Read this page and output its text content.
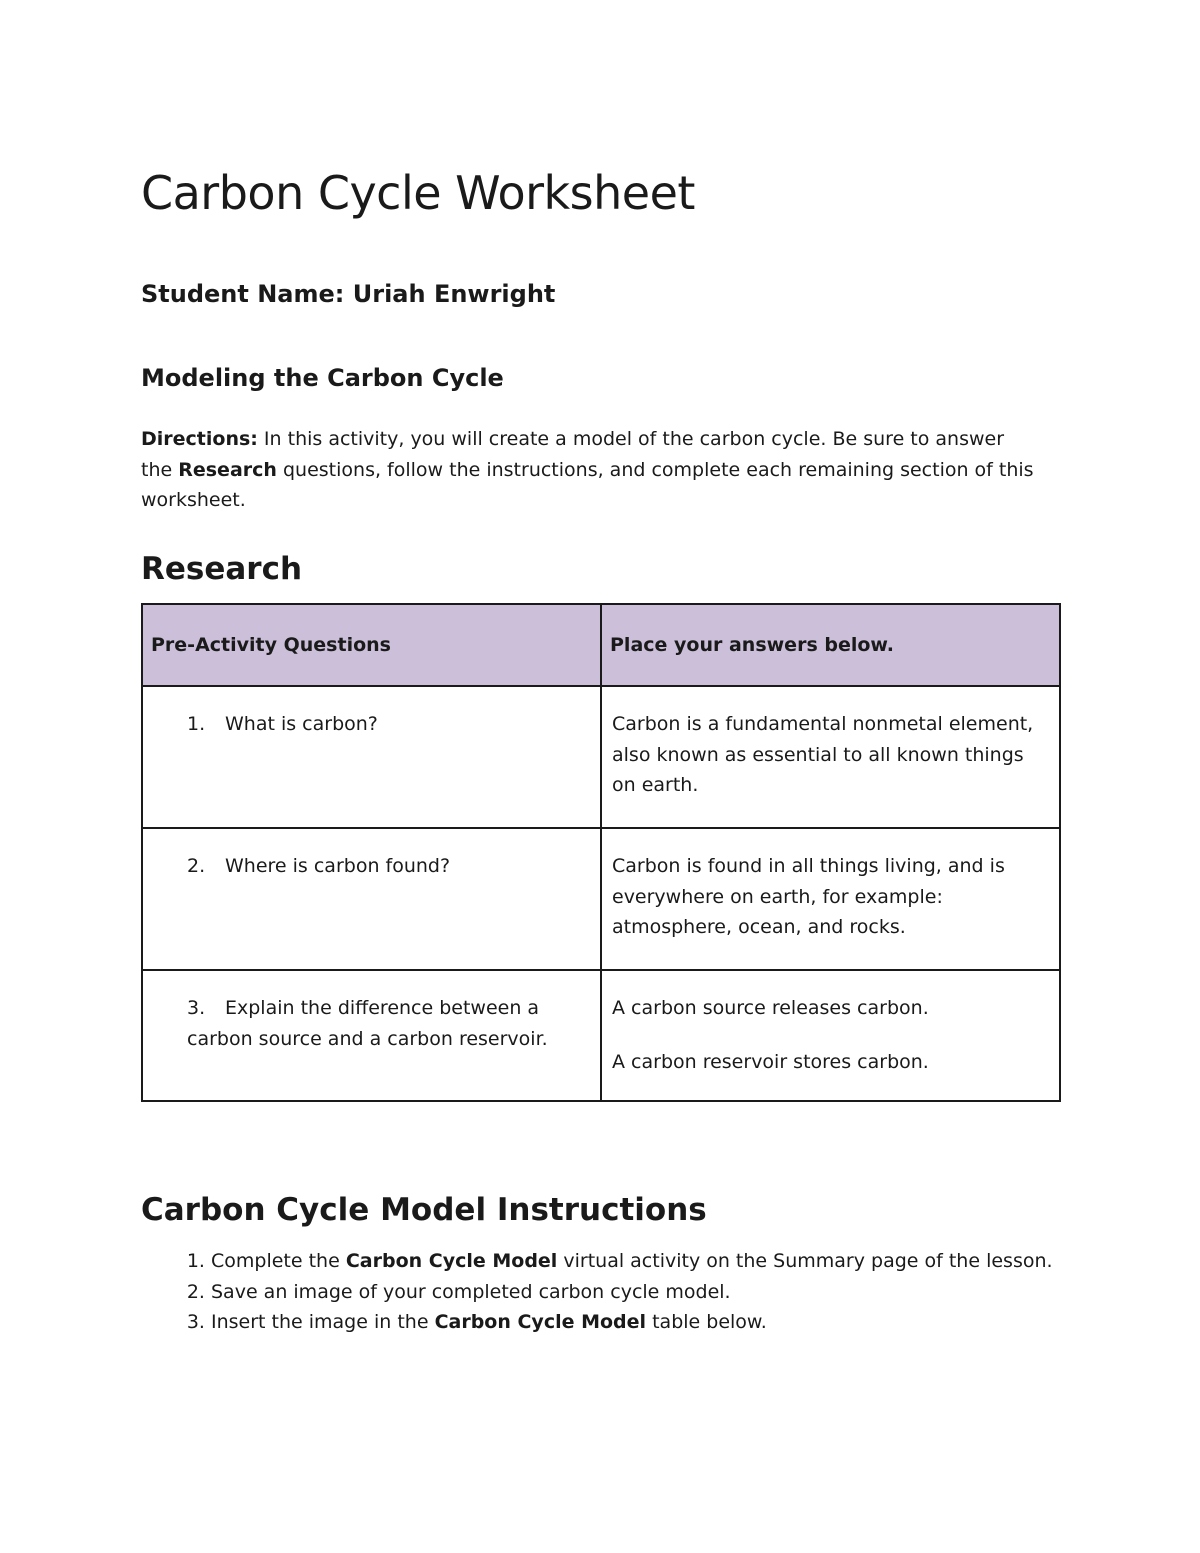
Carbon Cycle Worksheet
Student Name: Uriah Enwright
Modeling the Carbon Cycle
Directions: In this activity, you will create a model of the carbon cycle. Be sure to answer the Research questions, follow the instructions, and complete each remaining section of this worksheet.
Research
Pre-Activity Questions	Place your answers below.

1. What is carbon?	Carbon is a fundamental nonmetal element, also known as essential to all known things on earth.

2. Where is carbon found?	Carbon is found in all things living, and is everywhere on earth, for example: atmosphere, ocean, and rocks.

3. Explain the difference between a carbon source and a carbon reservoir.	A carbon source releases carbon.

A carbon reservoir stores carbon.

Carbon Cycle Model Instructions
1. Complete the Carbon Cycle Model virtual activity on the Summary page of the lesson.
2. Save an image of your completed carbon cycle model.
3. Insert the image in the Carbon Cycle Model table below.
